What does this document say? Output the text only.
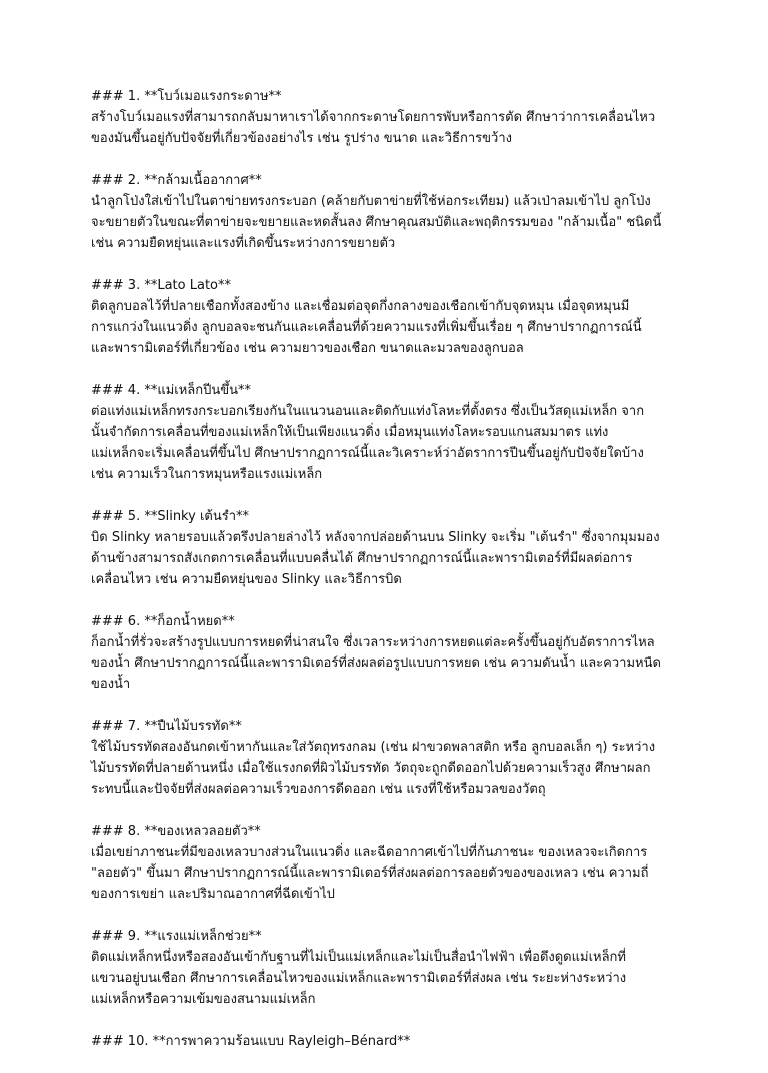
### 1. **โบว์เมอแรงกระดาษ**

สร้างโบว์เมอแรงที่สามารถกลับมาหาเราได้จากกระดาษโดยการพับหรือการตัด ศึกษาว่าการเคลื่อนไหว
ของมันขึ้นอยู่กับปัจจัยที่เกี่ยวข้องอย่างไร เช่น รูปร่าง ขนาด และวิธีการขว้าง

### 2. **กล้ามเนื้ออากาศ**

นำลูกโป่งใส่เข้าไปในตาข่ายทรงกระบอก (คล้ายกับตาข่ายที่ใช้ห่อกระเทียม) แล้วเป่าลมเข้าไป ลูกโป่ง
จะขยายตัวในขณะที่ตาข่ายจะขยายและหดสั้นลง ศึกษาคุณสมบัติและพฤติกรรมของ "กล้ามเนื้อ" ชนิดนี้
เช่น ความยืดหยุ่นและแรงที่เกิดขึ้นระหว่างการขยายตัว

### 3. **Lato Lato**

ติดลูกบอลไว้ที่ปลายเชือกทั้งสองข้าง และเชื่อมต่อจุดกึ่งกลางของเชือกเข้ากับจุดหมุน เมื่อจุดหมุนมี
การแกว่งในแนวดิ่ง ลูกบอลจะชนกันและเคลื่อนที่ด้วยความแรงที่เพิ่มขึ้นเรื่อย ๆ ศึกษาปรากฏการณ์นี้
และพารามิเตอร์ที่เกี่ยวข้อง เช่น ความยาวของเชือก ขนาดและมวลของลูกบอล

### 4. **แม่เหล็กปีนขึ้น**

ต่อแท่งแม่เหล็กทรงกระบอกเรียงกันในแนวนอนและติดกับแท่งโลหะที่ตั้งตรง ซึ่งเป็นวัสดุแม่เหล็ก จาก
นั้นจำกัดการเคลื่อนที่ของแม่เหล็กให้เป็นเพียงแนวดิ่ง เมื่อหมุนแท่งโลหะรอบแกนสมมาตร แท่ง
แม่เหล็กจะเริ่มเคลื่อนที่ขึ้นไป ศึกษาปรากฏการณ์นี้และวิเคราะห์ว่าอัตราการปีนขึ้นอยู่กับปัจจัยใดบ้าง
เช่น ความเร็วในการหมุนหรือแรงแม่เหล็ก

### 5. **Slinky เต้นรำ**

บิด Slinky หลายรอบแล้วตรึงปลายล่างไว้ หลังจากปล่อยด้านบน Slinky จะเริ่ม "เต้นรำ" ซึ่งจากมุมมอง
ด้านข้างสามารถสังเกตการเคลื่อนที่แบบคลื่นได้ ศึกษาปรากฏการณ์นี้และพารามิเตอร์ที่มีผลต่อการ
เคลื่อนไหว เช่น ความยืดหยุ่นของ Slinky และวิธีการบิด

### 6. **ก็อกน้ำหยด**

ก็อกน้ำที่รั่วจะสร้างรูปแบบการหยดที่น่าสนใจ ซึ่งเวลาระหว่างการหยดแต่ละครั้งขึ้นอยู่กับอัตราการไหล
ของน้ำ ศึกษาปรากฏการณ์นี้และพารามิเตอร์ที่ส่งผลต่อรูปแบบการหยด เช่น ความดันน้ำ และความหนืด
ของน้ำ

### 7. **ปืนไม้บรรทัด**

ใช้ไม้บรรทัดสองอันกดเข้าหากันและใส่วัตถุทรงกลม (เช่น ฝาขวดพลาสติก หรือ ลูกบอลเล็ก ๆ) ระหว่าง
ไม้บรรทัดที่ปลายด้านหนึ่ง เมื่อใช้แรงกดที่ผิวไม้บรรทัด วัตถุจะถูกดีดออกไปด้วยความเร็วสูง ศึกษาผลก
ระทบนี้และปัจจัยที่ส่งผลต่อความเร็วของการดีดออก เช่น แรงที่ใช้หรือมวลของวัตถุ

### 8. **ของเหลวลอยตัว**

เมื่อเขย่าภาชนะที่มีของเหลวบางส่วนในแนวดิ่ง และฉีดอากาศเข้าไปที่ก้นภาชนะ ของเหลวจะเกิดการ
"ลอยตัว" ขึ้นมา ศึกษาปรากฏการณ์นี้และพารามิเตอร์ที่ส่งผลต่อการลอยตัวของของเหลว เช่น ความถี่
ของการเขย่า และปริมาณอากาศที่ฉีดเข้าไป

### 9. **แรงแม่เหล็กช่วย**

ติดแม่เหล็กหนึ่งหรือสองอันเข้ากับฐานที่ไม่เป็นแม่เหล็กและไม่เป็นสื่อนำไฟฟ้า เพื่อดึงดูดแม่เหล็กที่
แขวนอยู่บนเชือก ศึกษาการเคลื่อนไหวของแม่เหล็กและพารามิเตอร์ที่ส่งผล เช่น ระยะห่างระหว่าง
แม่เหล็กหรือความเข้มของสนามแม่เหล็ก

### 10. **การพาความร้อนแบบ Rayleigh–Bénard**
